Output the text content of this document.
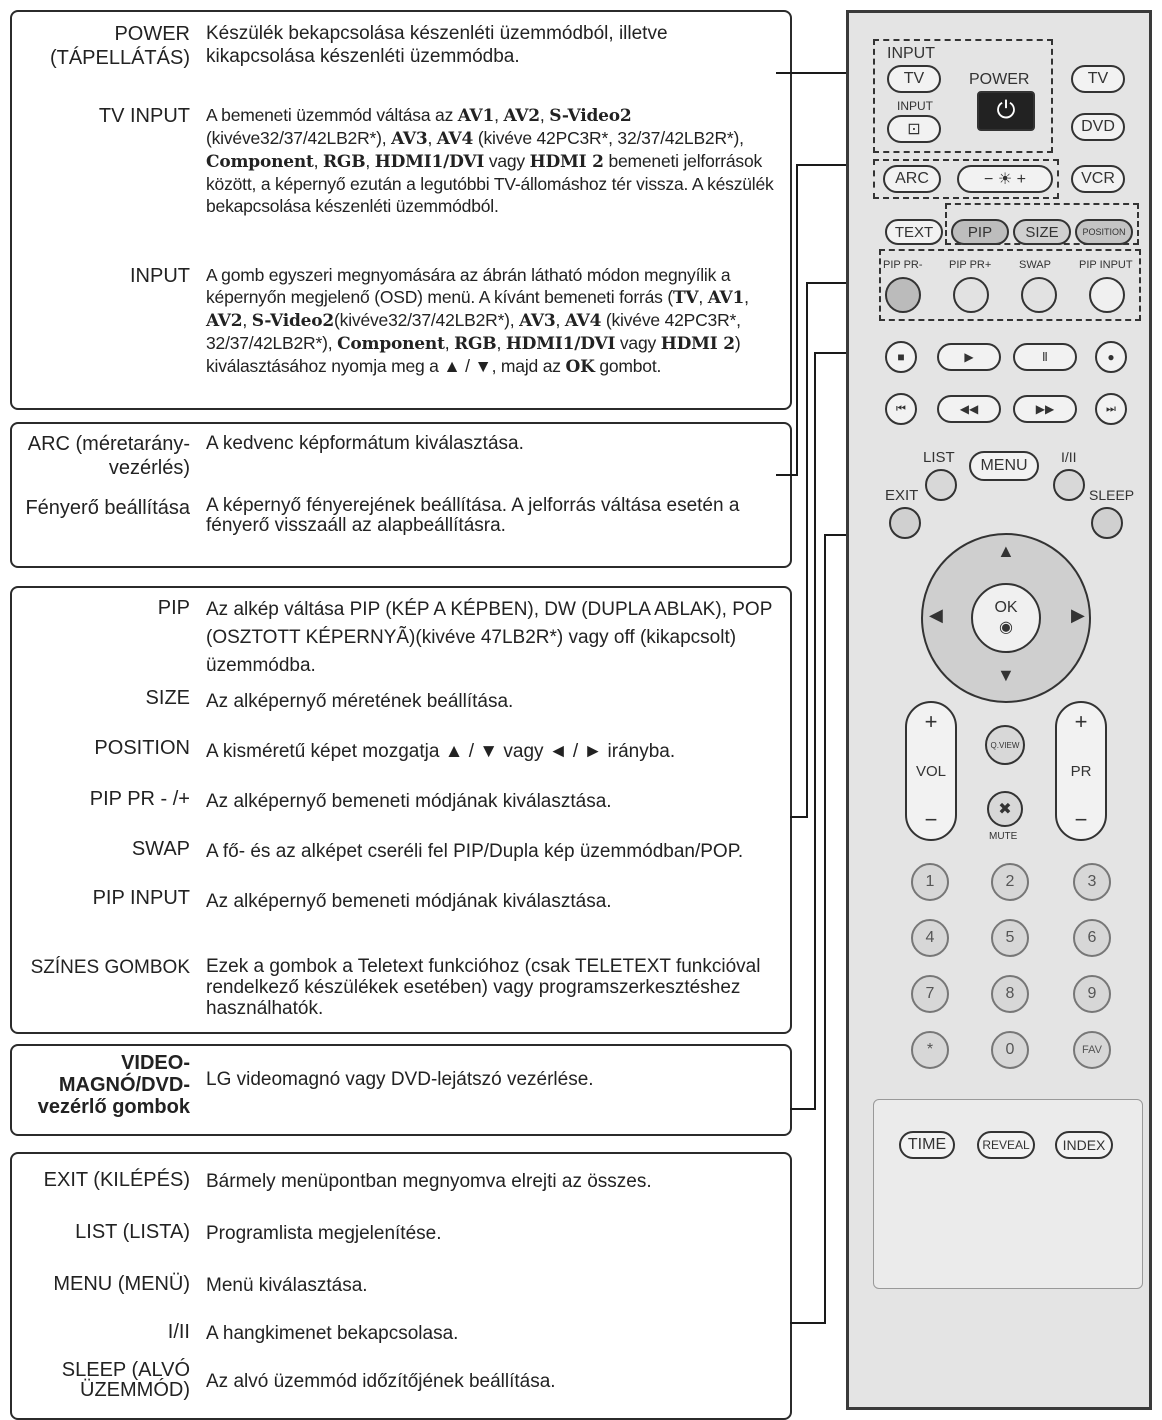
POWER
(TÁPELLÁTÁS)
Készülék bekapcsolása készenléti üzemmódból, illetve kikapcsolása készenléti üzemmódba.
TV INPUT A bemeneti üzemmód váltása az AV1, AV2, S-Video2 (kivéve32/37/42LB2R*), AV3, AV4 (kivéve 42PC3R*, 32/37/42LB2R*), Component, RGB, HDMI1/DVI vagy HDMI 2 bemeneti jelforrások között, a képernyő ezután a legutóbbi TV-állomáshoz tér vissza. A készülék bekapcsolása készenléti üzemmódból.
INPUT A gomb egyszeri megnyomására az ábrán látható módon megnyílik a képernyőn megjelenő (OSD) menü. A kívánt bemeneti forrás (TV, AV1, AV2, S-Video2(kivéve32/37/42LB2R*), AV3, AV4 (kivéve 42PC3R*, 32/37/42LB2R*), Component, RGB, HDMI1/DVI vagy HDMI 2) kiválasztásához nyomja meg a ▲ / ▼, majd az OK gombot.
ARC (méretarány-vezérlés)
A kedvenc képformátum kiválasztása.
Fényerő beállítása A képernyő fényerejének beállítása. A jelforrás váltása esetén a fényerő visszaáll az alapbeállításra.
PIP Az alkép váltása PIP (KÉP A KÉPBEN), DW (DUPLA ABLAK), POP (OSZTOTT KÉPERNYÃ)(kivéve 47LB2R*) vagy off (kikapcsolt) üzemmódba.
SIZE Az alképernyő méretének beállítása.
POSITION A kisméretű képet mozgatja ▲ / ▼ vagy ◄ / ► irányba.
PIP PR - /+ Az alképernyő bemeneti módjának kiválasztása.
SWAP A fő- és az alképet cseréli fel PIP/Dupla kép üzemmódban/POP.
PIP INPUT Az alképernyő bemeneti módjának kiválasztása.
SZÍNES GOMBOK Ezek a gombok a Teletext funkcióhoz (csak TELETEXT funkcióval rendelkező készülékek esetében) vagy programszerkesztéshez használhatók.
VIDEO-MAGNÓ/DVD-vezérlő gombok
LG videomagnó vagy DVD-lejátszó vezérlése.
EXIT (KILÉPÉS) Bármely menüpontban megnyomva elrejti az összes.
LIST (LISTA) Programlista megjelenítése.
MENU (MENÜ) Menü kiválasztása.
I/II A hangkimenet bekapcsolasa.
SLEEP (ALVÓ ÜZEMMÓD) Az alvó üzemmód időzítőjének beállítása.
INPUT
TV
INPUT
⊡
POWER
⏻
TV
DVD
ARC	− ☀ +	VCR
TEXT	PIP	SIZE	POSITION
PIP PR- PIP PR+	SWAP	PIP INPUT
■	▶	Ⅱ	●
⏮	◀◀	▶▶	⏭
LIST	MENU	I/II
EXIT	SLEEP
▲
▼
◀	▶
OK
◉
+
VOL
−
+
PR
−
Q.VIEW
✖
MUTE
1	2	3
4	5	6
7	8	9
*	0	FAV
TIME	REVEAL	INDEX
